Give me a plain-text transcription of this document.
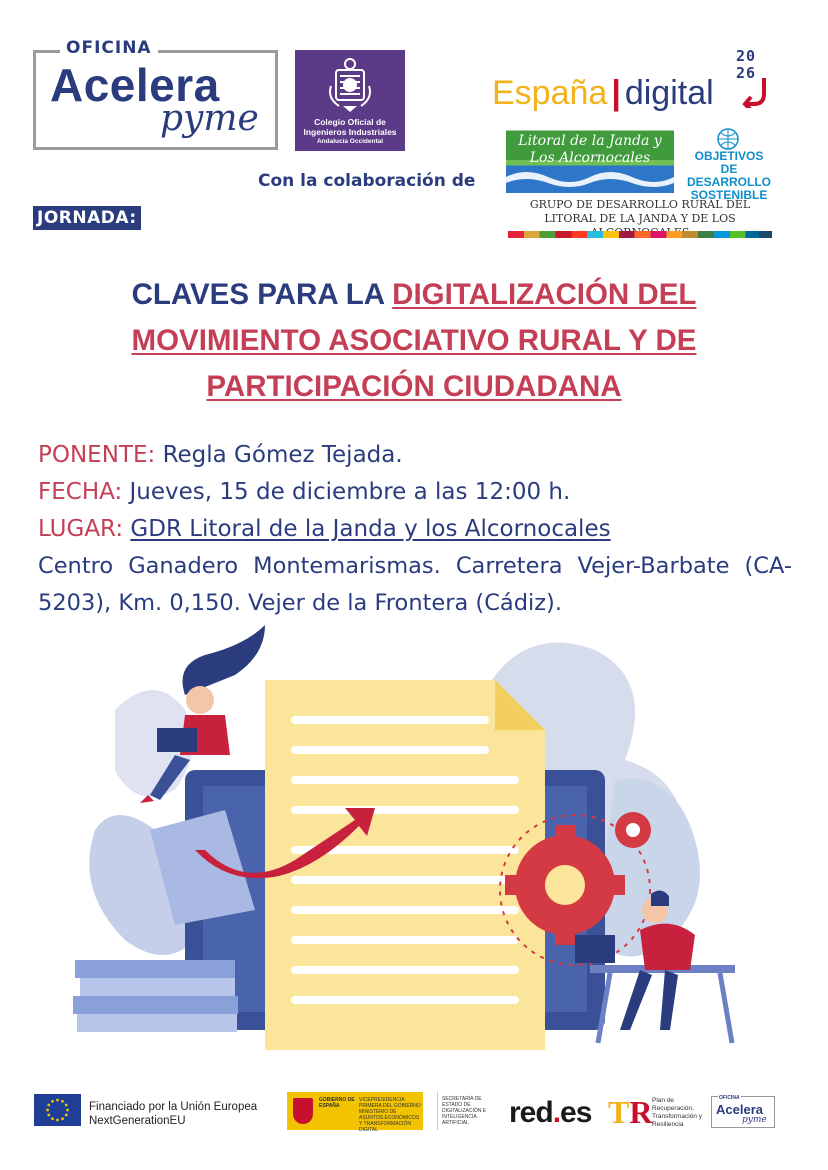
OFICINA
Acelera
pyme	Colegio Oficial de Ingenieros Industriales
Andalucía Occidental
España | digital
20
26
Con la colaboración de
JORNADA:
Litoral de la Janda y Los Alcornocales	OBJETIVOS DE DESARROLLO SOSTENIBLE
GRUPO DE DESARROLLO RURAL DEL LITORAL DE LA JANDA Y DE LOS
CLAVES PARA LA DIGITALIZACIÓN DEL MOVIMIENTO ASOCIATIVO RURAL Y DE PARTICIPACIÓN CIUDADANA
PONENTE: Regla Gómez Tejada.
FECHA: Jueves, 15 de diciembre a las 12:00 h.
LUGAR: GDR Litoral de la Janda y los Alcornocales
Centro Ganadero Montemarismas. Carretera Vejer-Barbate (CA-5203), Km. 0,150. Vejer de la Frontera (Cádiz).
Financiado por la Unión Europea
NextGenerationEU
GOBIERNO DE ESPAÑA
VICEPRESIDENCIA PRIMERA DEL GOBIERNO MINISTERIO DE ASUNTOS ECONÓMICOS Y TRANSFORMACIÓN DIGITAL
SECRETARÍA DE ESTADO DE DIGITALIZACIÓN E INTELIGENCIA ARTIFICIAL	red.es TR Plan de Recuperación, Transformación y Resiliencia
OFICINA
Acelera
pyme
